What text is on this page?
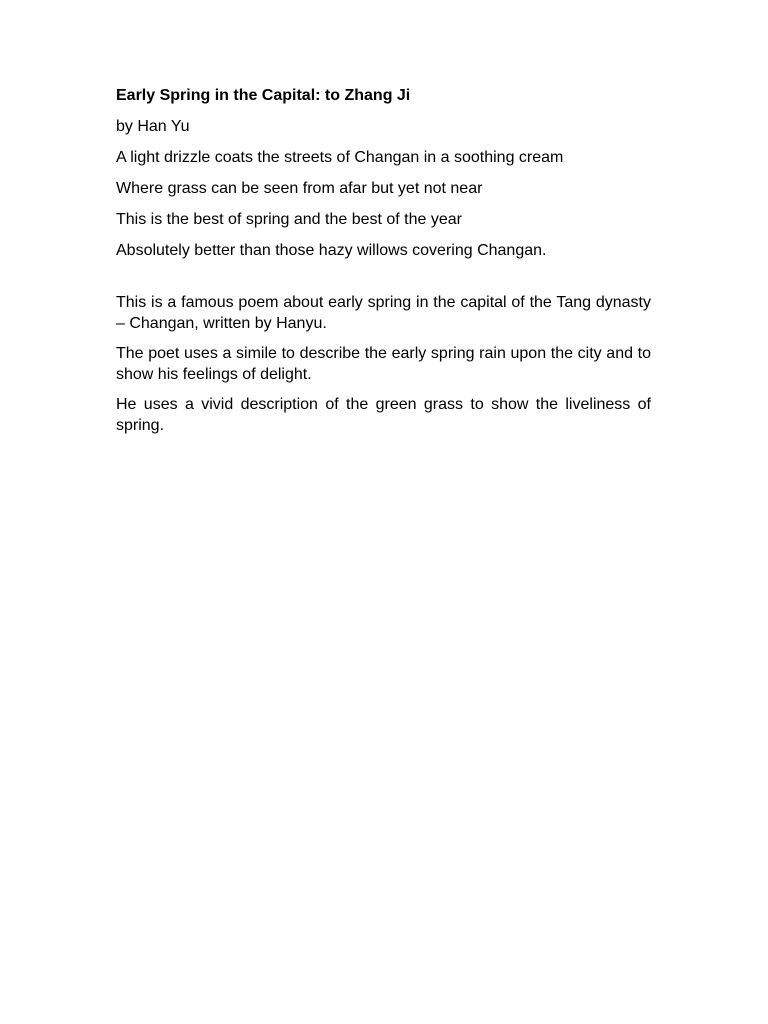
Early Spring in the Capital: to Zhang Ji
by Han Yu
A light drizzle coats the streets of Changan in a soothing cream
Where grass can be seen from afar but yet not near
This is the best of spring and the best of the year
Absolutely better than those hazy willows covering Changan.
This is a famous poem about early spring in the capital of the Tang dynasty – Changan, written by Hanyu.
The poet uses a simile to describe the early spring rain upon the city and to show his feelings of delight.
He uses a vivid description of the green grass to show the liveliness of spring.
